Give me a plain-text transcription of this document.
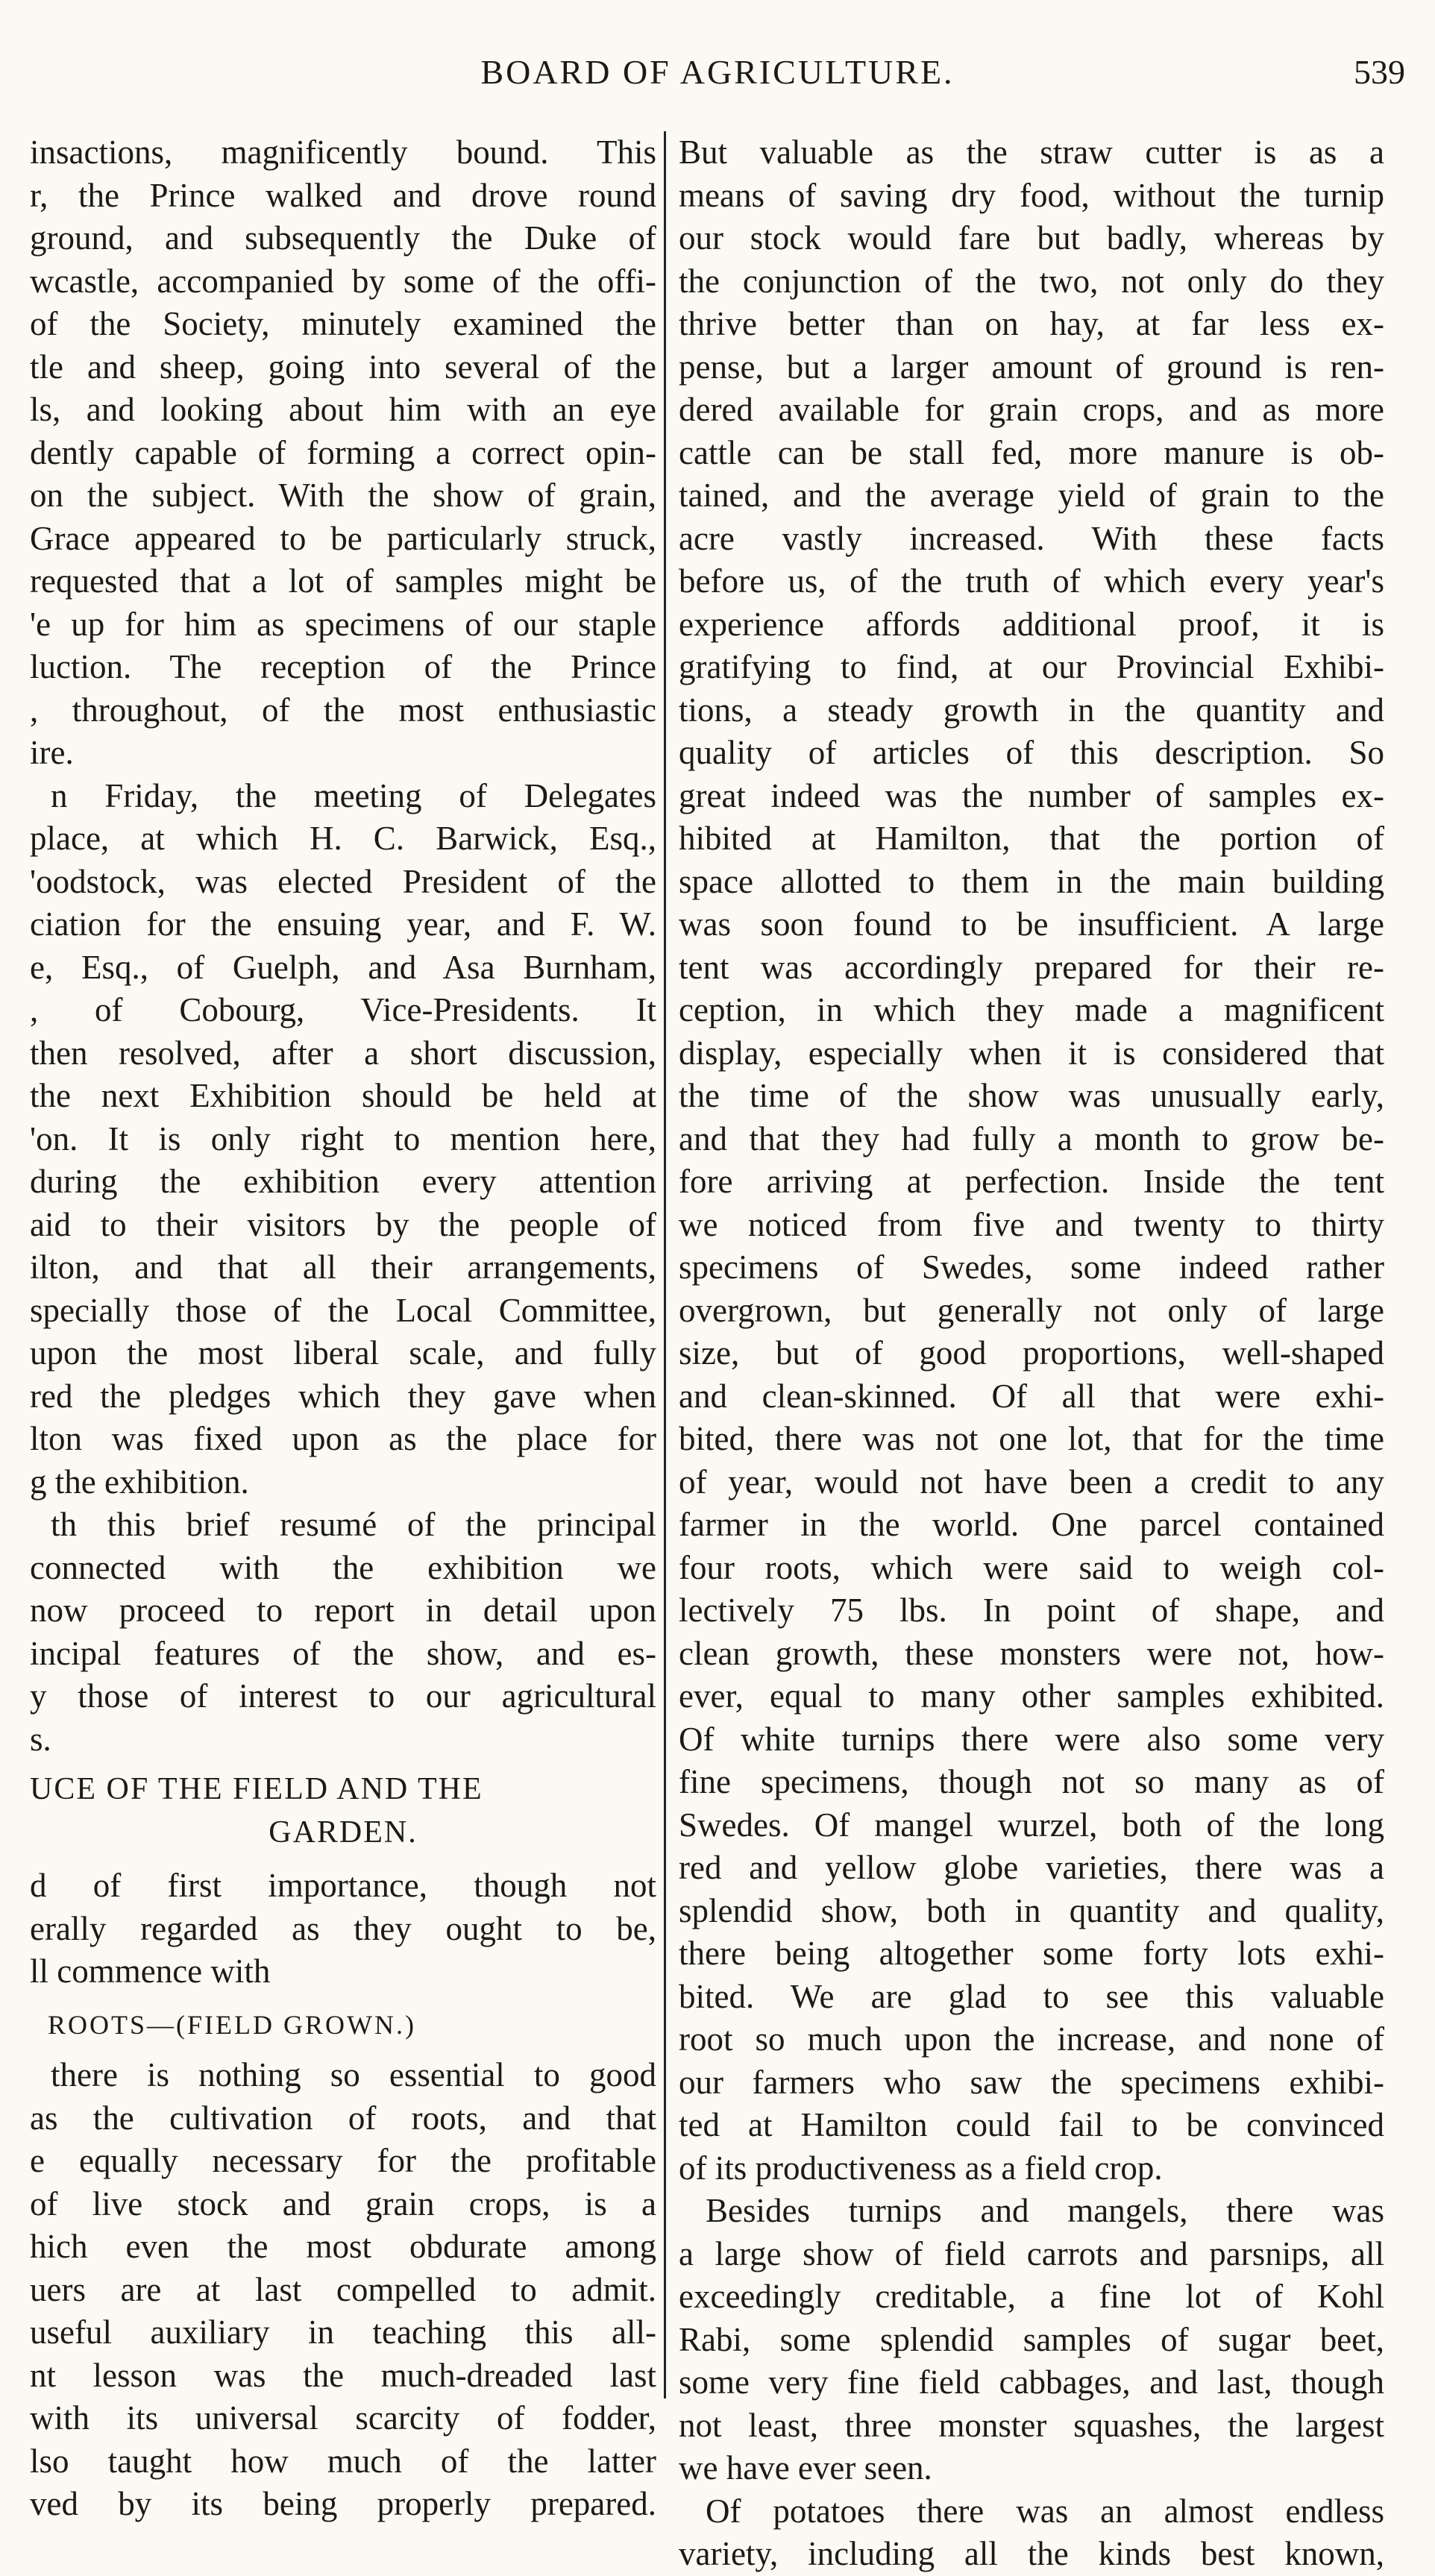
BOARD OF AGRICULTURE.	539
insactions, magnificently bound. This
r, the Prince walked and drove round
ground, and subsequently the Duke of
wcastle, accompanied by some of the offi-
of the Society, minutely examined the
tle and sheep, going into several of the
ls, and looking about him with an eye
dently capable of forming a correct opin-
on the subject. With the show of grain,
Grace appeared to be particularly struck,
requested that a lot of samples might be
'e up for him as specimens of our staple
luction. The reception of the Prince
, throughout, of the most enthusiastic
ire.
n Friday, the meeting of Delegates
place, at which H. C. Barwick, Esq.,
'oodstock, was elected President of the
ciation for the ensuing year, and F. W.
e, Esq., of Guelph, and Asa Burnham,
, of Cobourg, Vice-Presidents. It
then resolved, after a short discussion,
the next Exhibition should be held at
'on. It is only right to mention here,
during the exhibition every attention
aid to their visitors by the people of
ilton, and that all their arrangements,
specially those of the Local Committee,
upon the most liberal scale, and fully
red the pledges which they gave when
lton was fixed upon as the place for
g the exhibition.
th this brief resumé of the principal
connected with the exhibition we
now proceed to report in detail upon
incipal features of the show, and es-
y those of interest to our agricultural
s.
UCE OF THE FIELD AND THE
GARDEN.
d of first importance, though not
erally regarded as they ought to be,
ll commence with
ROOTS—(FIELD GROWN.)
there is nothing so essential to good
as the cultivation of roots, and that
e equally necessary for the profitable
of live stock and grain crops, is a
hich even the most obdurate among
uers are at last compelled to admit.
useful auxiliary in teaching this all-
nt lesson was the much-dreaded last
with its universal scarcity of fodder,
lso taught how much of the latter
ved by its being properly prepared.
But valuable as the straw cutter is as a
means of saving dry food, without the turnip
our stock would fare but badly, whereas by
the conjunction of the two, not only do they
thrive better than on hay, at far less ex-
pense, but a larger amount of ground is ren-
dered available for grain crops, and as more
cattle can be stall fed, more manure is ob-
tained, and the average yield of grain to the
acre vastly increased. With these facts
before us, of the truth of which every year's
experience affords additional proof, it is
gratifying to find, at our Provincial Exhibi-
tions, a steady growth in the quantity and
quality of articles of this description. So
great indeed was the number of samples ex-
hibited at Hamilton, that the portion of
space allotted to them in the main building
was soon found to be insufficient. A large
tent was accordingly prepared for their re-
ception, in which they made a magnificent
display, especially when it is considered that
the time of the show was unusually early,
and that they had fully a month to grow be-
fore arriving at perfection. Inside the tent
we noticed from five and twenty to thirty
specimens of Swedes, some indeed rather
overgrown, but generally not only of large
size, but of good proportions, well-shaped
and clean-skinned. Of all that were exhi-
bited, there was not one lot, that for the time
of year, would not have been a credit to any
farmer in the world. One parcel contained
four roots, which were said to weigh col-
lectively 75 lbs. In point of shape, and
clean growth, these monsters were not, how-
ever, equal to many other samples exhibited.
Of white turnips there were also some very
fine specimens, though not so many as of
Swedes. Of mangel wurzel, both of the long
red and yellow globe varieties, there was a
splendid show, both in quantity and quality,
there being altogether some forty lots exhi-
bited. We are glad to see this valuable
root so much upon the increase, and none of
our farmers who saw the specimens exhibi-
ted at Hamilton could fail to be convinced
of its productiveness as a field crop.
Besides turnips and mangels, there was
a large show of field carrots and parsnips, all
exceedingly creditable, a fine lot of Kohl
Rabi, some splendid samples of sugar beet,
some very fine field cabbages, and last, though
not least, three monster squashes, the largest
we have ever seen.
Of potatoes there was an almost endless
variety, including all the kinds best known,
